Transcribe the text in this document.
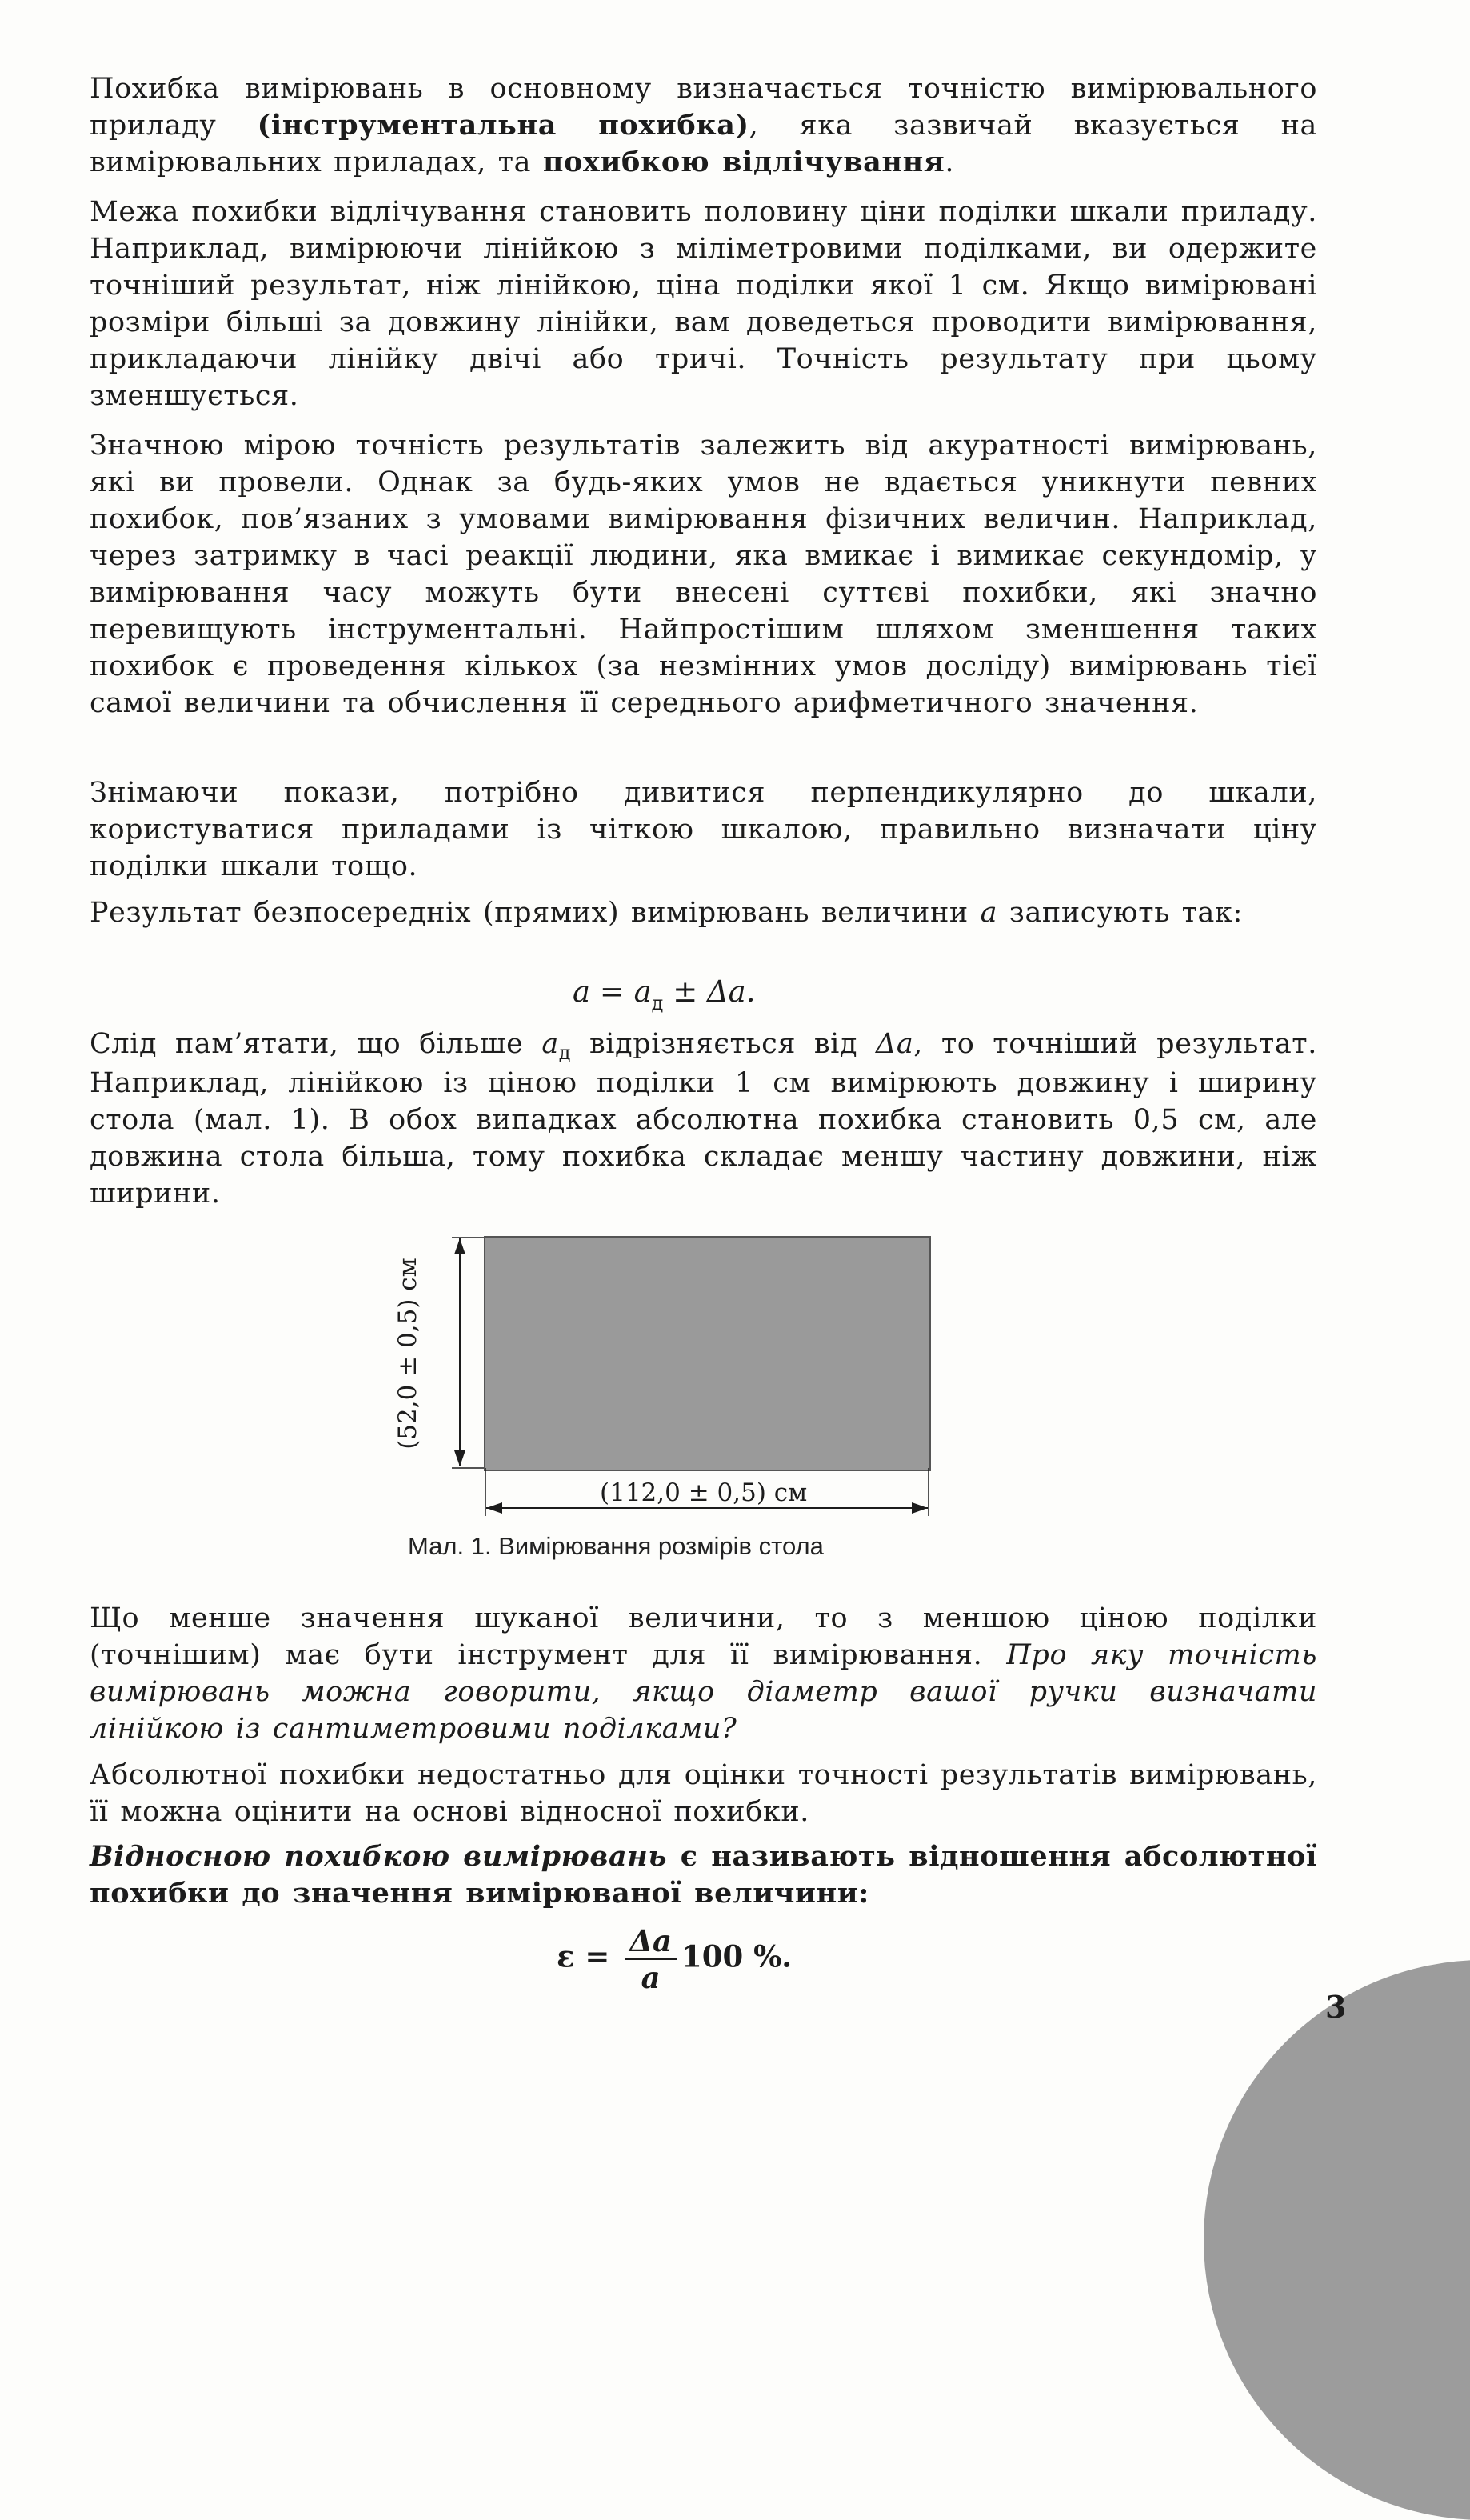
Похибка вимірювань в основному визначається точністю вимірювального приладу (інструментальна похибка), яка зазвичай вказується на вимірювальних приладах, та похибкою відлічування.

Межа похибки відлічування становить половину ціни поділки шкали приладу. Наприклад, вимірюючи лінійкою з міліметровими поділками, ви одержите точніший результат, ніж лінійкою, ціна поділки якої 1 см. Якщо вимірювані розміри більші за довжину лінійки, вам доведеться проводити вимірювання, прикладаючи лінійку двічі або тричі. Точність результату при цьому зменшується.

Значною мірою точність результатів залежить від акуратності вимірювань, які ви провели. Однак за будь-яких умов не вдається уникнути певних похибок, пов’язаних з умовами вимірювання фізичних величин. Наприклад, через затримку в часі реакції людини, яка вмикає і вимикає секундомір, у вимірювання часу можуть бути внесені суттєві похибки, які значно перевищують інструментальні. Найпростішим шляхом зменшення таких похибок є проведення кількох (за незмінних умов досліду) вимірювань тієї самої величини та обчислення її середнього арифметичного значення.

Знімаючи покази, потрібно дивитися перпендикулярно до шкали, користуватися приладами із чіткою шкалою, правильно визначати ціну поділки шкали тощо.

Результат безпосередніх (прямих) вимірювань величини a записують так:

$a = a_д \pm \Delta a$.

Слід пам’ятати, що більше $a_д$ відрізняється від Δa, то точніший результат. Наприклад, лінійкою із ціною поділки 1 см вимірюють довжину і ширину стола (мал. 1). В обох випадках абсолютна похибка становить 0,5 см, але довжина стола більша, тому похибка складає меншу частину довжини, ніж ширини.

(52,0 ± 0,5) см
(112,0 ± 0,5) см
Мал. 1. Вимірювання розмірів стола

Що менше значення шуканої величини, то з меншою ціною поділки (точнішим) має бути інструмент для її вимірювання. Про яку точність вимірювань можна говорити, якщо діаметр вашої ручки визначати лінійкою із сантиметровими поділками?

Абсолютної похибки недостатньо для оцінки точності результатів вимірювань, її можна оцінити на основі відносної похибки.

Відносною похибкою вимірювань є називають відношення абсолютної похибки до значення вимірюваної величини:

$\varepsilon = \frac{\Delta a}{a} 100$ %.
3
